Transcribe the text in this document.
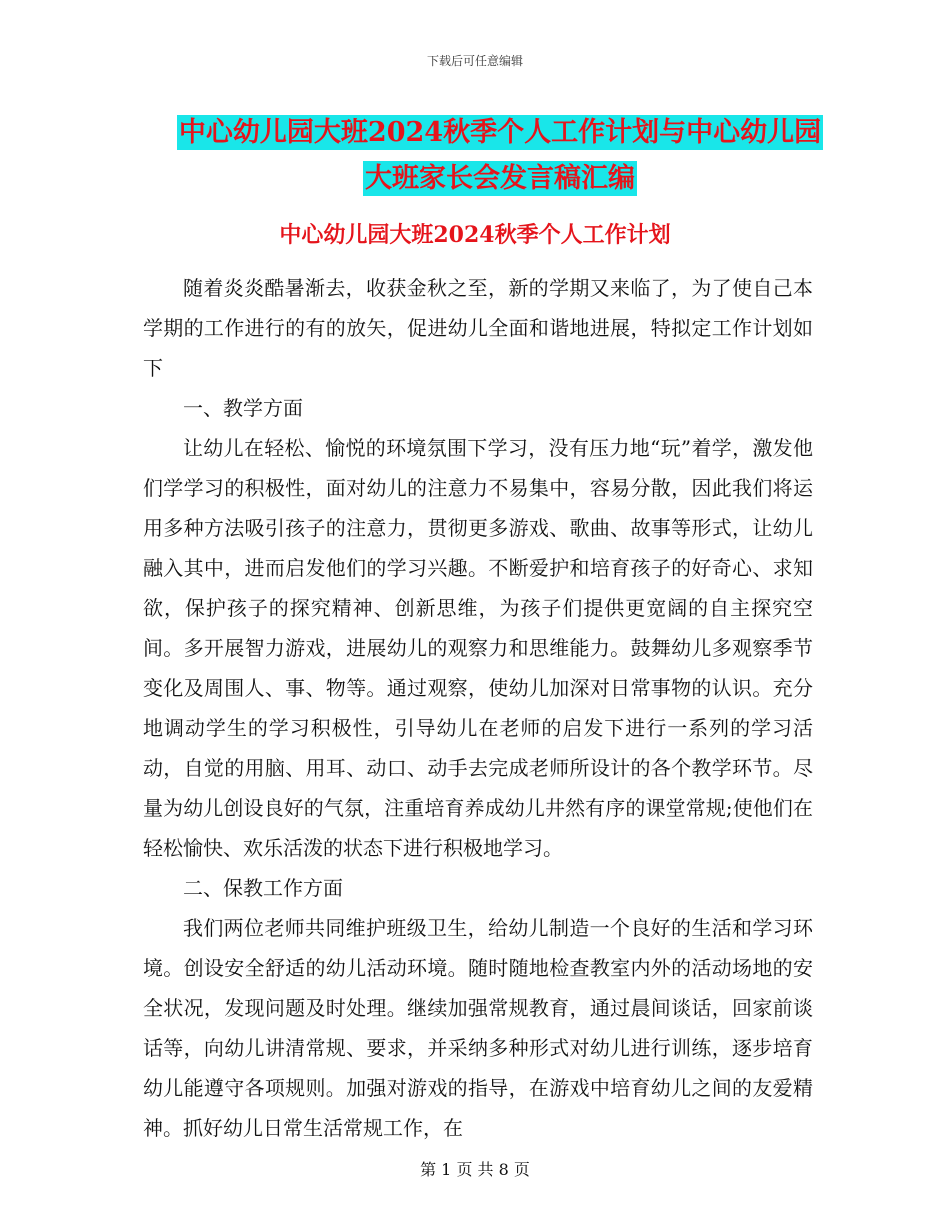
下载后可任意编辑
中心幼儿园大班2024秋季个人工作计划与中心幼儿园
大班家长会发言稿汇编
中心幼儿园大班2024秋季个人工作计划

随着炎炎酷暑渐去，收获金秋之至，新的学期又来临了，为了使自己本学期的工作进行的有的放矢，促进幼儿全面和谐地进展，特拟定工作计划如下

一、教学方面

让幼儿在轻松、愉悦的环境氛围下学习，没有压力地“玩”着学，激发他们学学习的积极性，面对幼儿的注意力不易集中，容易分散，因此我们将运用多种方法吸引孩子的注意力，贯彻更多游戏、歌曲、故事等形式，让幼儿融入其中，进而启发他们的学习兴趣。不断爱护和培育孩子的好奇心、求知欲，保护孩子的探究精神、创新思维，为孩子们提供更宽阔的自主探究空间。多开展智力游戏，进展幼儿的观察力和思维能力。鼓舞幼儿多观察季节变化及周围人、事、物等。通过观察，使幼儿加深对日常事物的认识。充分地调动学生的学习积极性，引导幼儿在老师的启发下进行一系列的学习活动，自觉的用脑、用耳、动口、动手去完成老师所设计的各个教学环节。尽量为幼儿创设良好的气氛，注重培育养成幼儿井然有序的课堂常规;使他们在轻松愉快、欢乐活泼的状态下进行积极地学习。

二、保教工作方面

我们两位老师共同维护班级卫生，给幼儿制造一个良好的生活和学习环境。创设安全舒适的幼儿活动环境。随时随地检查教室内外的活动场地的安全状况，发现问题及时处理。继续加强常规教育，通过晨间谈话，回家前谈话等，向幼儿讲清常规、要求，并采纳多种形式对幼儿进行训练，逐步培育幼儿能遵守各项规则。加强对游戏的指导，在游戏中培育幼儿之间的友爱精神。抓好幼儿日常生活常规工作，在

第 1 页 共 8 页
